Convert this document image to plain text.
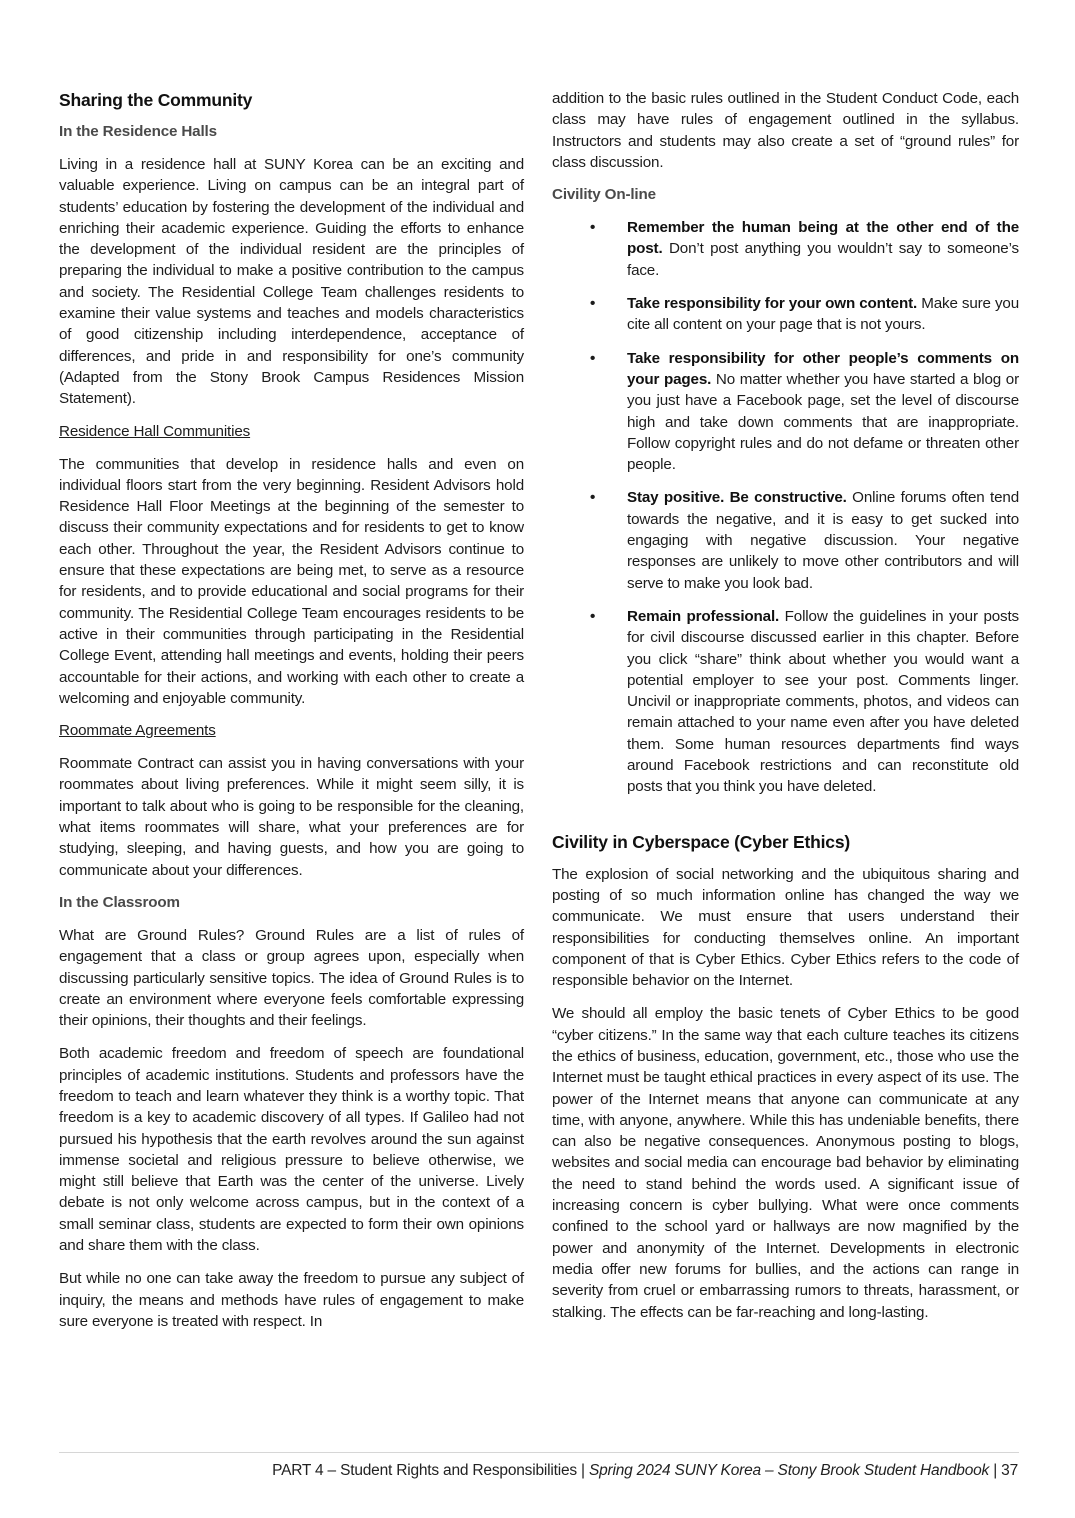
Sharing the Community
In the Residence Halls

Living in a residence hall at SUNY Korea can be an exciting and valuable experience. Living on campus can be an integral part of students’ education by fostering the development of the individual and enriching their academic experience. Guiding the efforts to enhance the development of the individual resident are the principles of preparing the individual to make a positive contribution to the campus and society. The Residential College Team challenges residents to examine their value systems and teaches and models characteristics of good citizenship including interdependence, acceptance of differences, and pride in and responsibility for one’s community (Adapted from the Stony Brook Campus Residences Mission Statement).

Residence Hall Communities

The communities that develop in residence halls and even on individual floors start from the very beginning. Resident Advisors hold Residence Hall Floor Meetings at the beginning of the semester to discuss their community expectations and for residents to get to know each other. Throughout the year, the Resident Advisors continue to ensure that these expectations are being met, to serve as a resource for residents, and to provide educational and social programs for their community. The Residential College Team encourages residents to be active in their communities through participating in the Residential College Event, attending hall meetings and events, holding their peers accountable for their actions, and working with each other to create a welcoming and enjoyable community.

Roommate Agreements

Roommate Contract can assist you in having conversations with your roommates about living preferences. While it might seem silly, it is important to talk about who is going to be responsible for the cleaning, what items roommates will share, what your preferences are for studying, sleeping, and having guests, and how you are going to communicate about your differences.

In the Classroom

What are Ground Rules? Ground Rules are a list of rules of engagement that a class or group agrees upon, especially when discussing particularly sensitive topics. The idea of Ground Rules is to create an environment where everyone feels comfortable expressing their opinions, their thoughts and their feelings.

Both academic freedom and freedom of speech are foundational principles of academic institutions. Students and professors have the freedom to teach and learn whatever they think is a worthy topic. That freedom is a key to academic discovery of all types. If Galileo had not pursued his hypothesis that the earth revolves around the sun against immense societal and religious pressure to believe otherwise, we might still believe that Earth was the center of the universe. Lively debate is not only welcome across campus, but in the context of a small seminar class, students are expected to form their own opinions and share them with the class.

But while no one can take away the freedom to pursue any subject of inquiry, the means and methods have rules of engagement to make sure everyone is treated with respect. In

addition to the basic rules outlined in the Student Conduct Code, each class may have rules of engagement outlined in the syllabus. Instructors and students may also create a set of “ground rules” for class discussion.

Civility On-line
• Remember the human being at the other end of the post. Don’t post anything you wouldn’t say to someone’s face.
• Take responsibility for your own content. Make sure you cite all content on your page that is not yours.
• Take responsibility for other people’s comments on your pages. No matter whether you have started a blog or you just have a Facebook page, set the level of discourse high and take down comments that are inappropriate. Follow copyright rules and do not defame or threaten other people.
• Stay positive. Be constructive. Online forums often tend towards the negative, and it is easy to get sucked into engaging with negative discussion. Your negative responses are unlikely to move other contributors and will serve to make you look bad.
• Remain professional. Follow the guidelines in your posts for civil discourse discussed earlier in this chapter. Before you click “share” think about whether you would want a potential employer to see your post. Comments linger. Uncivil or inappropriate comments, photos, and videos can remain attached to your name even after you have deleted them. Some human resources departments find ways around Facebook restrictions and can reconstitute old posts that you think you have deleted.
Civility in Cyberspace (Cyber Ethics)

The explosion of social networking and the ubiquitous sharing and posting of so much information online has changed the way we communicate. We must ensure that users understand their responsibilities for conducting themselves online. An important component of that is Cyber Ethics. Cyber Ethics refers to the code of responsible behavior on the Internet.

We should all employ the basic tenets of Cyber Ethics to be good “cyber citizens.” In the same way that each culture teaches its citizens the ethics of business, education, government, etc., those who use the Internet must be taught ethical practices in every aspect of its use. The power of the Internet means that anyone can communicate at any time, with anyone, anywhere. While this has undeniable benefits, there can also be negative consequences. Anonymous posting to blogs, websites and social media can encourage bad behavior by eliminating the need to stand behind the words used. A significant issue of increasing concern is cyber bullying. What were once comments confined to the school yard or hallways are now magnified by the power and anonymity of the Internet. Developments in electronic media offer new forums for bullies, and the actions can range in severity from cruel or embarrassing rumors to threats, harassment, or stalking. The effects can be far-reaching and long-lasting.

PART 4 – Student Rights and Responsibilities | Spring 2024 SUNY Korea – Stony Brook Student Handbook | 37
